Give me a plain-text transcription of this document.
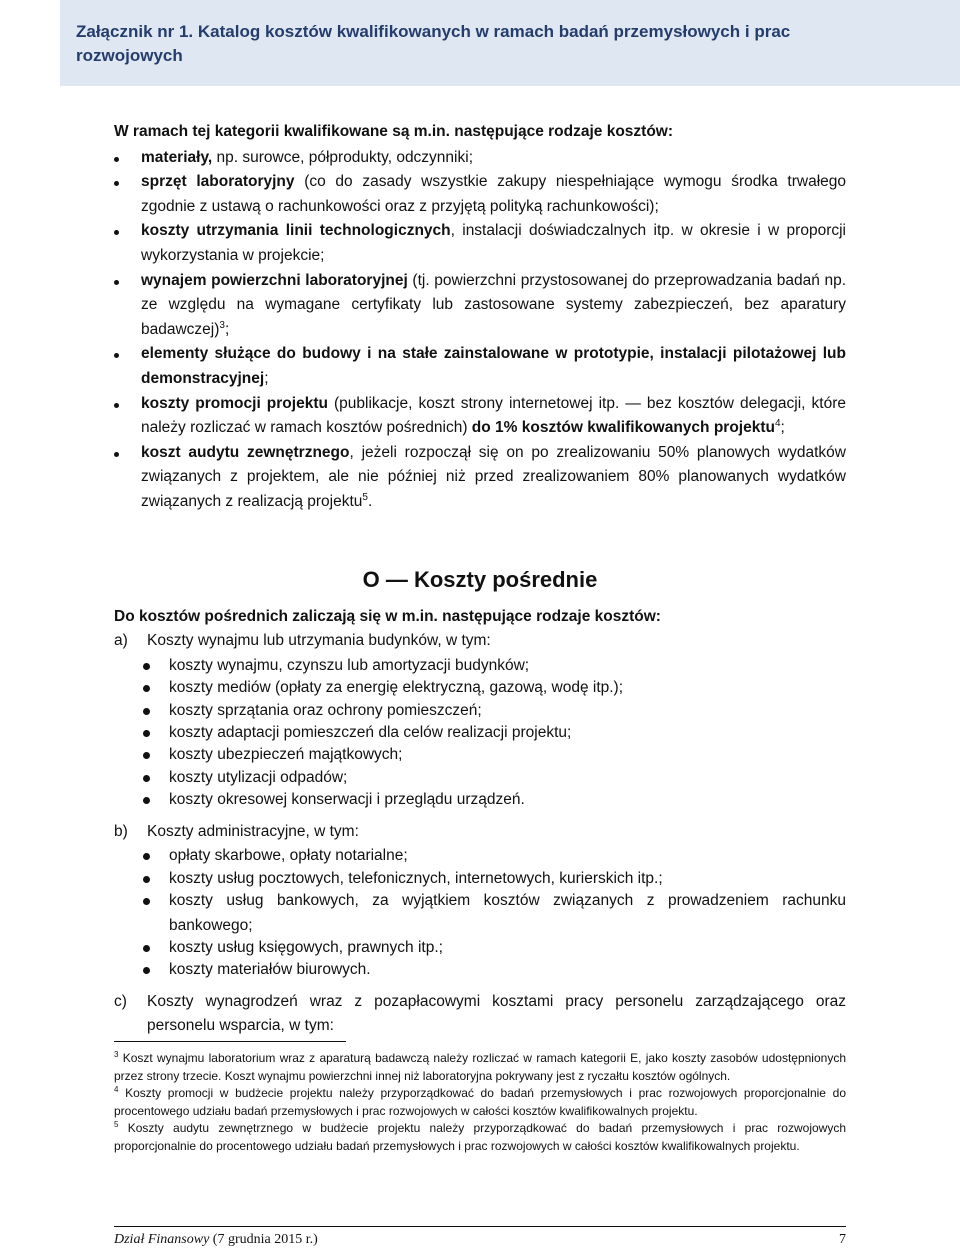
Załącznik nr 1. Katalog kosztów kwalifikowanych w ramach badań przemysłowych i prac rozwojowych

W ramach tej kategorii kwalifikowane są m.in. następujące rodzaje kosztów:

materiały, np. surowce, półprodukty, odczynniki;
sprzęt laboratoryjny (co do zasady wszystkie zakupy niespełniające wymogu środka trwałego zgodnie z ustawą o rachunkowości oraz z przyjętą polityką rachunkowości);
koszty utrzymania linii technologicznych, instalacji doświadczalnych itp. w okresie i w proporcji wykorzystania w projekcie;
wynajem powierzchni laboratoryjnej (tj. powierzchni przystosowanej do przeprowadzania badań np. ze względu na wymagane certyfikaty lub zastosowane systemy zabezpieczeń, bez aparatury badawczej)$^3$;
elementy służące do budowy i na stałe zainstalowane w prototypie, instalacji pilotażowej lub demonstracyjnej;
koszty promocji projektu (publikacje, koszt strony internetowej itp. — bez kosztów delegacji, które należy rozliczać w ramach kosztów pośrednich) do 1% kosztów kwalifikowanych projektu$^4$;
koszt audytu zewnętrznego, jeżeli rozpoczął się on po zrealizowaniu 50% planowych wydatków związanych z projektem, ale nie później niż przed zrealizowaniem 80% planowanych wydatków związanych z realizacją projektu$^5$.
O — Koszty pośrednie
Do kosztów pośrednich zaliczają się w m.in. następujące rodzaje kosztów:
a)	Koszty wynajmu lub utrzymania budynków, w tym:
koszty wynajmu, czynszu lub amortyzacji budynków;
koszty mediów (opłaty za energię elektryczną, gazową, wodę itp.);
koszty sprzątania oraz ochrony pomieszczeń;
koszty adaptacji pomieszczeń dla celów realizacji projektu;
koszty ubezpieczeń majątkowych;
koszty utylizacji odpadów;
koszty okresowej konserwacji i przeglądu urządzeń.
b)	Koszty administracyjne, w tym:
opłaty skarbowe, opłaty notarialne;
koszty usług pocztowych, telefonicznych, internetowych, kurierskich itp.;
koszty usług bankowych, za wyjątkiem kosztów związanych z prowadzeniem rachunku bankowego;
koszty usług księgowych, prawnych itp.;
koszty materiałów biurowych.
c)	Koszty wynagrodzeń wraz z pozapłacowymi kosztami pracy personelu zarządzającego oraz personelu wsparcia, w tym:

$^3$ Koszt wynajmu laboratorium wraz z aparaturą badawczą należy rozliczać w ramach kategorii E, jako koszty zasobów udostępnionych przez strony trzecie. Koszt wynajmu powierzchni innej niż laboratoryjna pokrywany jest z ryczałtu kosztów ogólnych.

$^4$ Koszty promocji w budżecie projektu należy przyporządkować do badań przemysłowych i prac rozwojowych proporcjonalnie do procentowego udziału badań przemysłowych i prac rozwojowych w całości kosztów kwalifikowalnych projektu.

$^5$ Koszty audytu zewnętrznego w budżecie projektu należy przyporządkować do badań przemysłowych i prac rozwojowych proporcjonalnie do procentowego udziału badań przemysłowych i prac rozwojowych w całości kosztów kwalifikowalnych projektu.

Dział Finansowy (7 grudnia 2015 r.)	7
